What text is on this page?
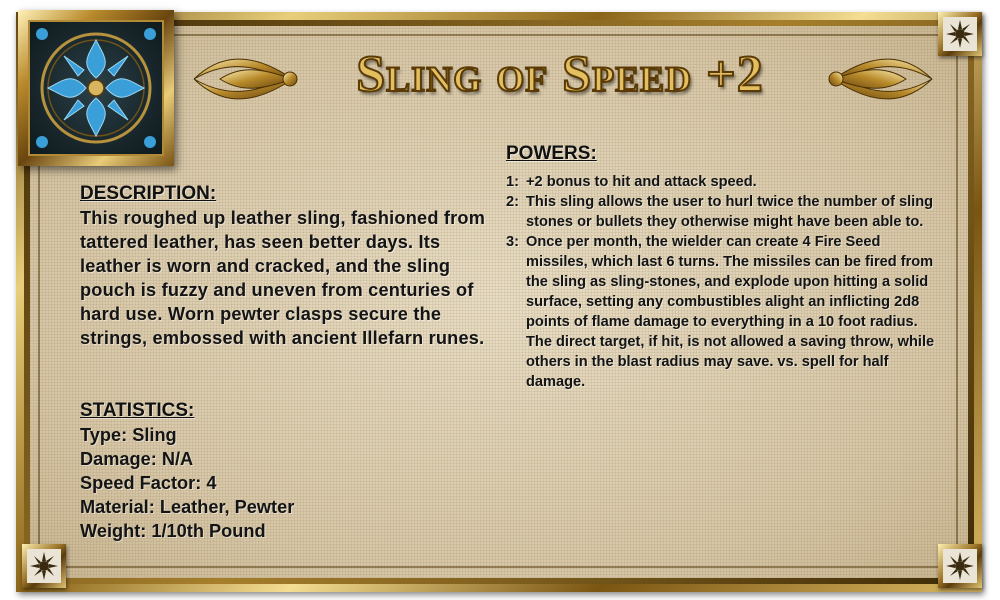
Sling of Speed +2
DESCRIPTION:
This roughed up leather sling, fashioned from tattered leather, has seen better days. Its leather is worn and cracked, and the sling pouch is fuzzy and uneven from centuries of hard use. Worn pewter clasps secure the strings, embossed with ancient Illefarn runes.
STATISTICS:
Type: Sling
Damage: N/A
Speed Factor: 4
Material: Leather, Pewter
Weight: 1/10th Pound
POWERS:
1: +2 bonus to hit and attack speed.
2: This sling allows the user to hurl twice the number of sling stones or bullets they otherwise might have been able to.
3: Once per month, the wielder can create 4 Fire Seed missiles, which last 6 turns. The missiles can be fired from the sling as sling-stones, and explode upon hitting a solid surface, setting any combustibles alight an inflicting 2d8 points of flame damage to everything in a 10 foot radius. The direct target, if hit, is not allowed a saving throw, while others in the blast radius may save. vs. spell for half damage.
